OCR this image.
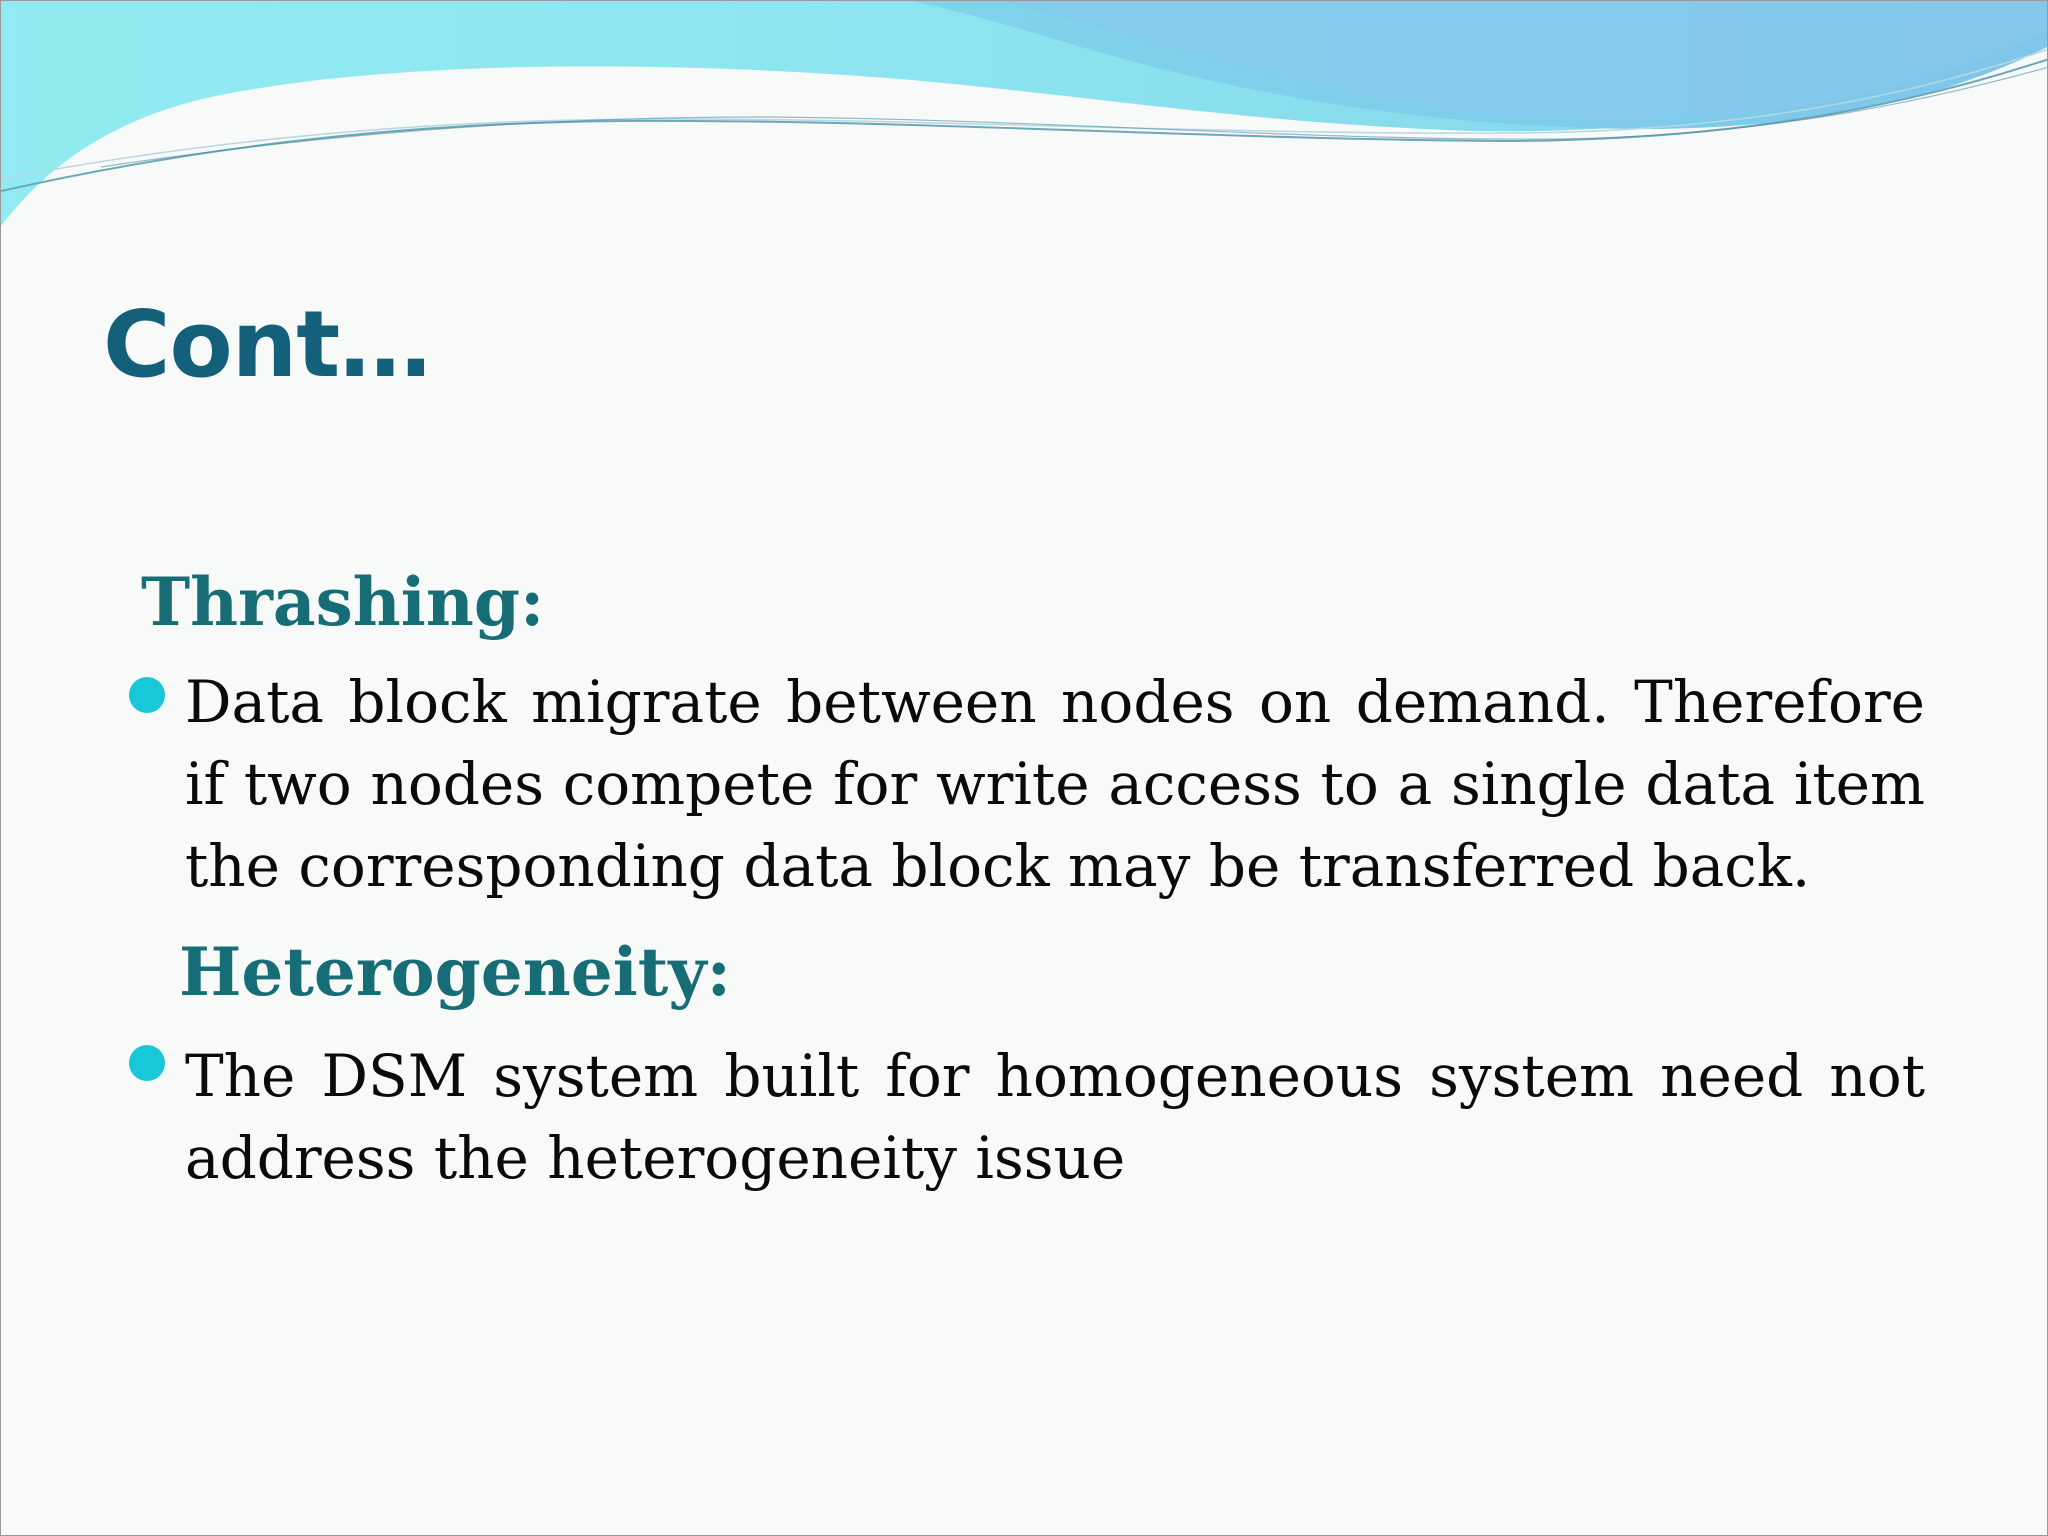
Cont…
Thrashing:

Data block migrate between nodes on demand. Therefore if two nodes compete for write access to a single data item the corresponding data block may be transferred back.

Heterogeneity:

The DSM system built for homogeneous system need not address the heterogeneity issue
